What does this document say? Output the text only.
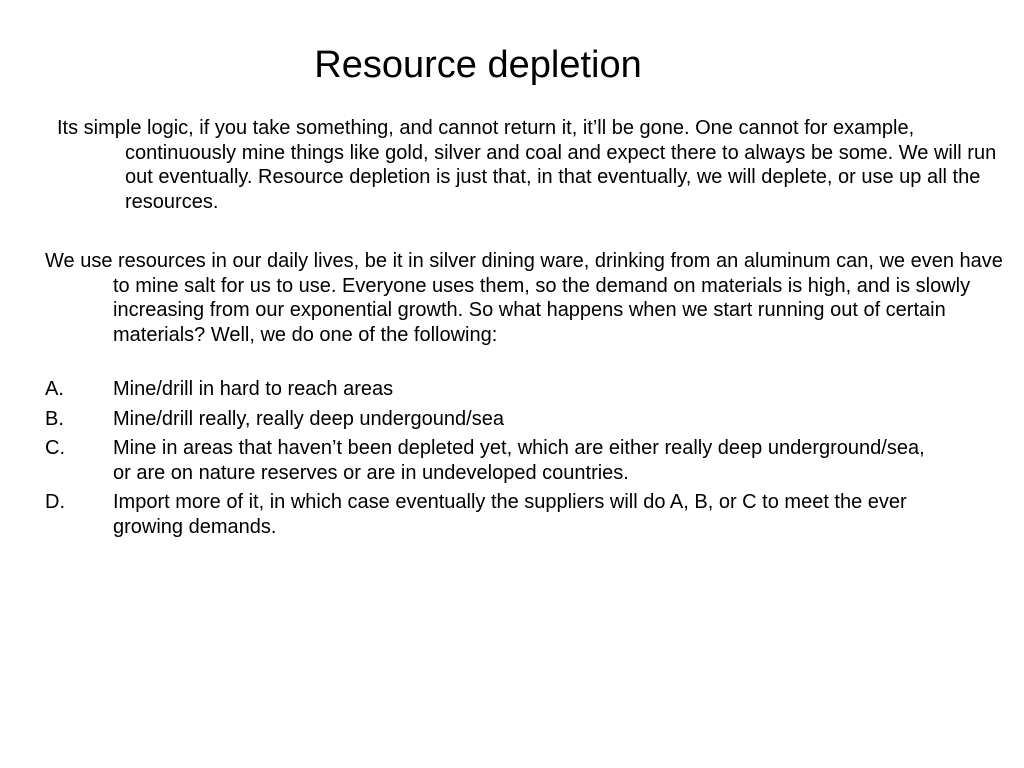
Resource depletion

Its simple logic, if you take something, and cannot return it, it’ll be gone. One cannot for example, continuously mine things like gold, silver and coal and expect there to always be some. We will run out eventually. Resource depletion is just that, in that eventually, we will deplete, or use up all the resources.

We use resources in our daily lives, be it in silver dining ware, drinking from an aluminum can, we even have to mine salt for us to use. Everyone uses them, so the demand on materials is high, and is slowly increasing from our exponential growth. So what happens when we start running out of certain materials? Well, we do one of the following:

A. Mine/drill in hard to reach areas
B. Mine/drill really, really deep undergound/sea
C. Mine in areas that haven’t been depleted yet, which are either really deep underground/sea, or are on nature reserves or are in undeveloped countries.
D. Import more of it, in which case eventually the suppliers will do A, B, or C to meet the ever growing demands.
